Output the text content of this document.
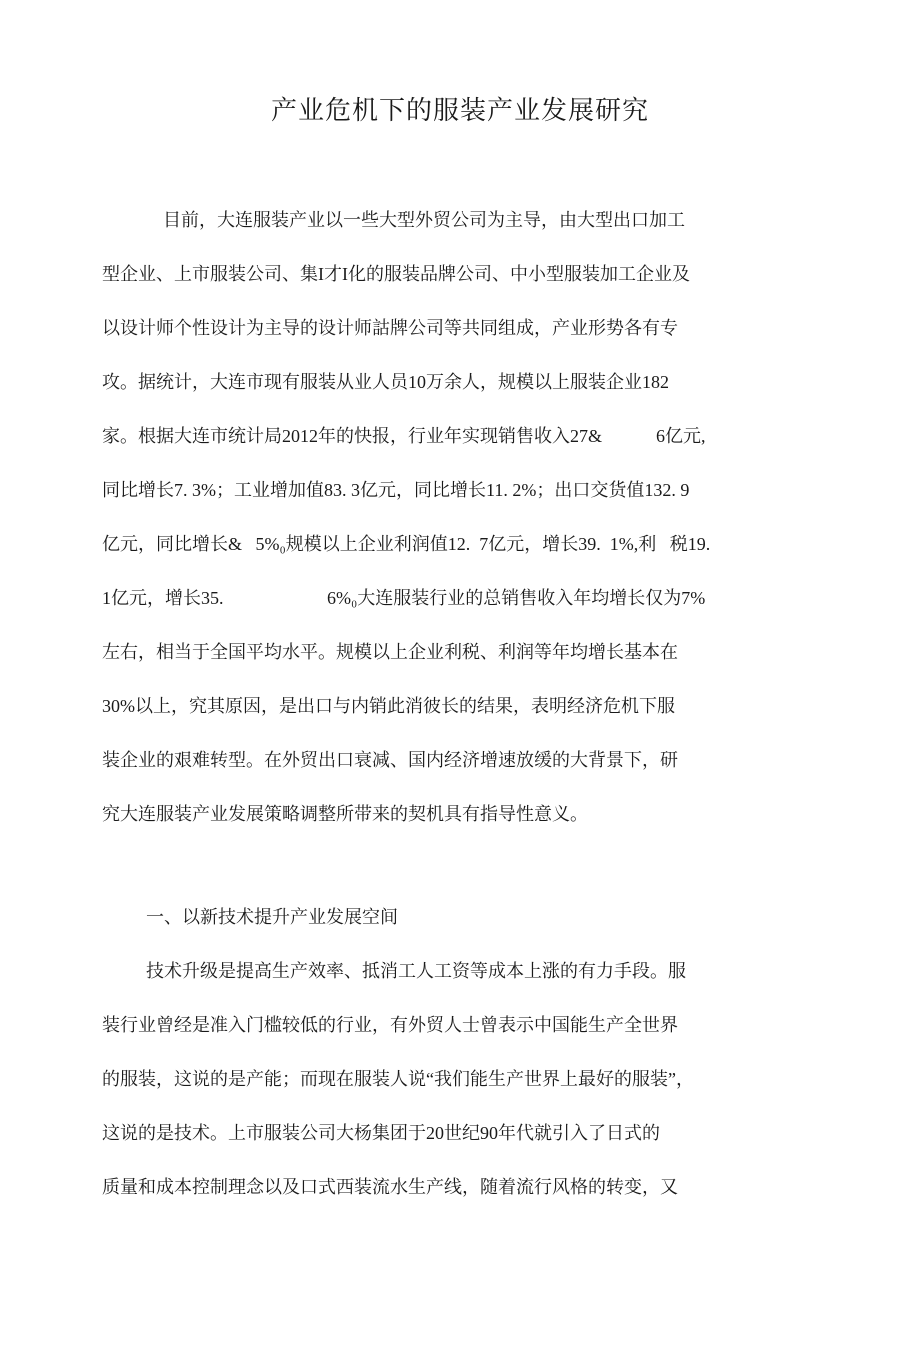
产业危机下的服装产业发展研究
目前，大连服装产业以一些大型外贸公司为主导，由大型出口加工
型企业、上市服装公司、集I才I化的服装品牌公司、中小型服装加工企业及
以设计师个性设计为主导的设计师詁牌公司等共同组成，产业形势各有专
攻。据统计，大连市现有服装从业人员10万余人，规模以上服装企业182
家。根据大连市统计局2012年的快报，行业年实现销售收入27&            6亿元,
同比增长7. 3%；工业增加值83. 3亿元，同比增长11. 2%；出口交货值132. 9
亿元，同比增长&   5%₀规模以上企业利润值12.  7亿元，增长39.  1%,利   税19.
1亿元，增长35.                       6%₀大连服装行业的总销售收入年均增长仅为7%
左右，相当于全国平均水平。规模以上企业利税、利润等年均增长基本在
30%以上，究其原因，是出口与内销此消彼长的结果，表明经济危机下服
装企业的艰难转型。在外贸出口衰减、国内经济增速放缓的大背景下，研
究大连服装产业发展策略调整所带来的契机具有指导性意义。
一、以新技术提升产业发展空间
技术升级是提高生产效率、抵消工人工资等成本上涨的有力手段。服
装行业曾经是准入门槛较低的行业，有外贸人士曾表示中国能生产全世界
的服装，这说的是产能；而现在服装人说“我们能生产世界上最好的服装”，
这说的是技术。上市服装公司大杨集团于20世纪90年代就引入了日式的
质量和成本控制理念以及口式西装流水生产线，随着流行风格的转变，又
